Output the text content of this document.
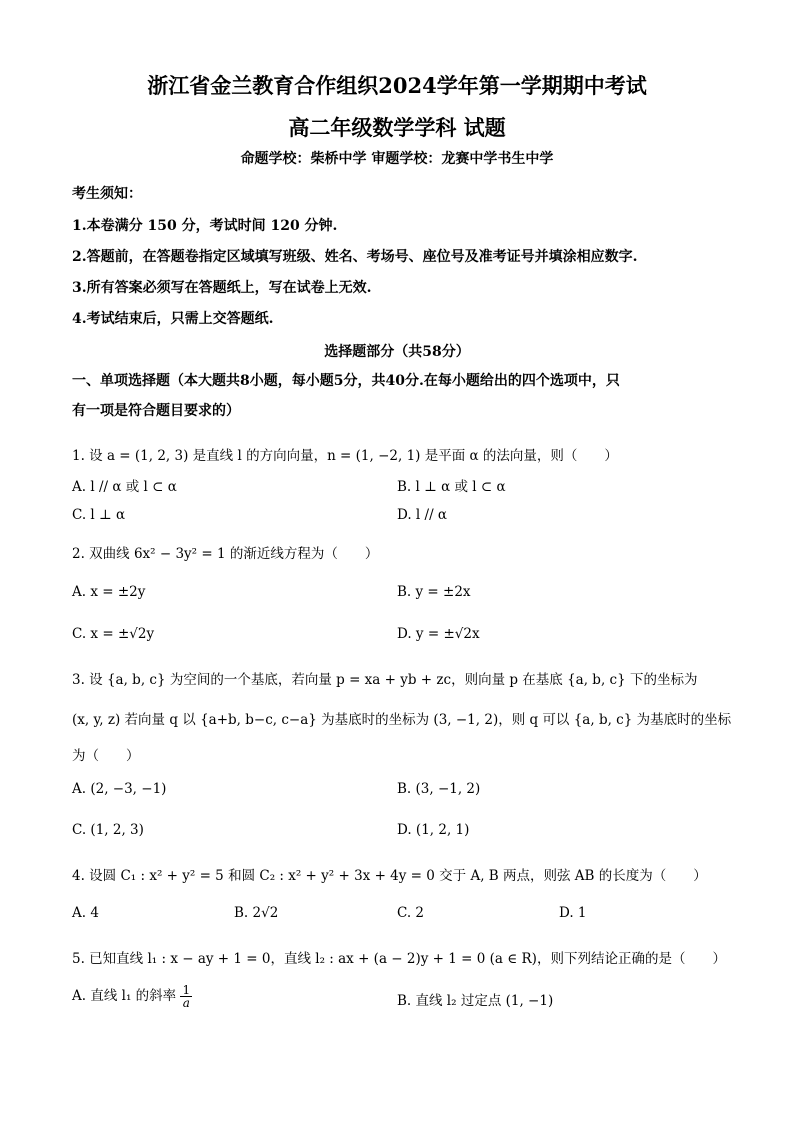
浙江省金兰教育合作组织2024学年第一学期期中考试
高二年级数学学科 试题
命题学校：柴桥中学 审题学校：龙赛中学书生中学
考生须知：
1.本卷满分 150 分，考试时间 120 分钟.
2.答题前，在答题卷指定区域填写班级、姓名、考场号、座位号及准考证号并填涂相应数字.
3.所有答案必须写在答题纸上，写在试卷上无效.
4.考试结束后，只需上交答题纸.
选择题部分（共58分）
一、单项选择题（本大题共8小题，每小题5分，共40分.在每小题给出的四个选项中，只
有一项是符合题目要求的）
1. 设 a = (1, 2, 3) 是直线 l 的方向向量，n = (1, −2, 1) 是平面 α 的法向量，则（　　）
A. l // α 或 l ⊂ α	B. l ⊥ α 或 l ⊂ α
C. l ⊥ α	D. l // α
2. 双曲线 6x² − 3y² = 1 的渐近线方程为（　　）
A. x = ±2y	B. y = ±2x
C. x = ±√2y	D. y = ±√2x
3. 设 {a, b, c} 为空间的一个基底，若向量 p = xa + yb + zc，则向量 p 在基底 {a, b, c} 下的坐标为
(x, y, z) 若向量 q 以 {a+b, b−c, c−a} 为基底时的坐标为 (3, −1, 2)，则 q 可以 {a, b, c} 为基底时的坐标
为（　　）
A. (2, −3, −1)	B. (3, −1, 2)
C. (1, 2, 3)	D. (1, 2, 1)
4. 设圆 C₁ : x² + y² = 5 和圆 C₂ : x² + y² + 3x + 4y = 0 交于 A, B 两点，则弦 AB 的长度为（　　）
A. 4	B. 2√2	C. 2	D. 1
5. 已知直线 l₁ : x − ay + 1 = 0，直线 l₂ : ax + (a − 2)y + 1 = 0 (a ∈ R)，则下列结论正确的是（　　）
A. 直线 l₁ 的斜率 $\frac{1}{a}$	B. 直线 l₂ 过定点 (1, −1)
